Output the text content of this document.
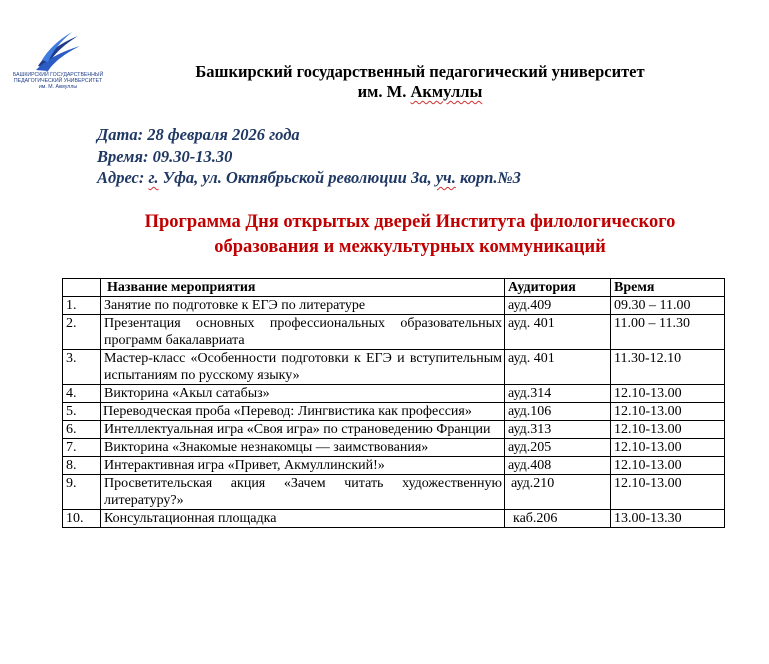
БАШКИРСКИЙ ГОСУДАРСТВЕННЫЙ
ПЕДАГОГИЧЕСКИЙ УНИВЕРСИТЕТ
им. М. Акмуллы
Башкирский государственный педагогический университет
им. М. Акмуллы
Дата: 28 февраля 2026 года
Время: 09.30-13.30
Адрес: г. Уфа, ул. Октябрьской революции 3а, уч. корп.№3
Программа Дня открытых дверей Института филологического
образования и межкультурных коммуникаций
	Название мероприятия	Аудитория	Время
1.	Занятие по подготовке к ЕГЭ по литературе	ауд.409	09.30 – 11.00
2.	Презентация основных профессиональных образовательных программ бакалавриата	ауд. 401	11.00 – 11.30
3.	Мастер-класс «Особенности подготовки к ЕГЭ и вступительным испытаниям по русскому языку»	ауд. 401	11.30-12.10
4.	Викторина «Акыл сатабыз»	ауд.314	12.10-13.00
5.	Переводческая проба «Перевод: Лингвистика как профессия»	ауд.106	12.10-13.00
6.	Интеллектуальная игра «Своя игра» по страноведению Франции	ауд.313	12.10-13.00
7.	Викторина «Знакомые незнакомцы — заимствования»	ауд.205	12.10-13.00
8.	Интерактивная игра «Привет, Акмуллинский!»	ауд.408	12.10-13.00
9.	Просветительская акция «Зачем читать художественную литературу?»	ауд.210	12.10-13.00
10.	Консультационная площадка	каб.206	13.00-13.30
